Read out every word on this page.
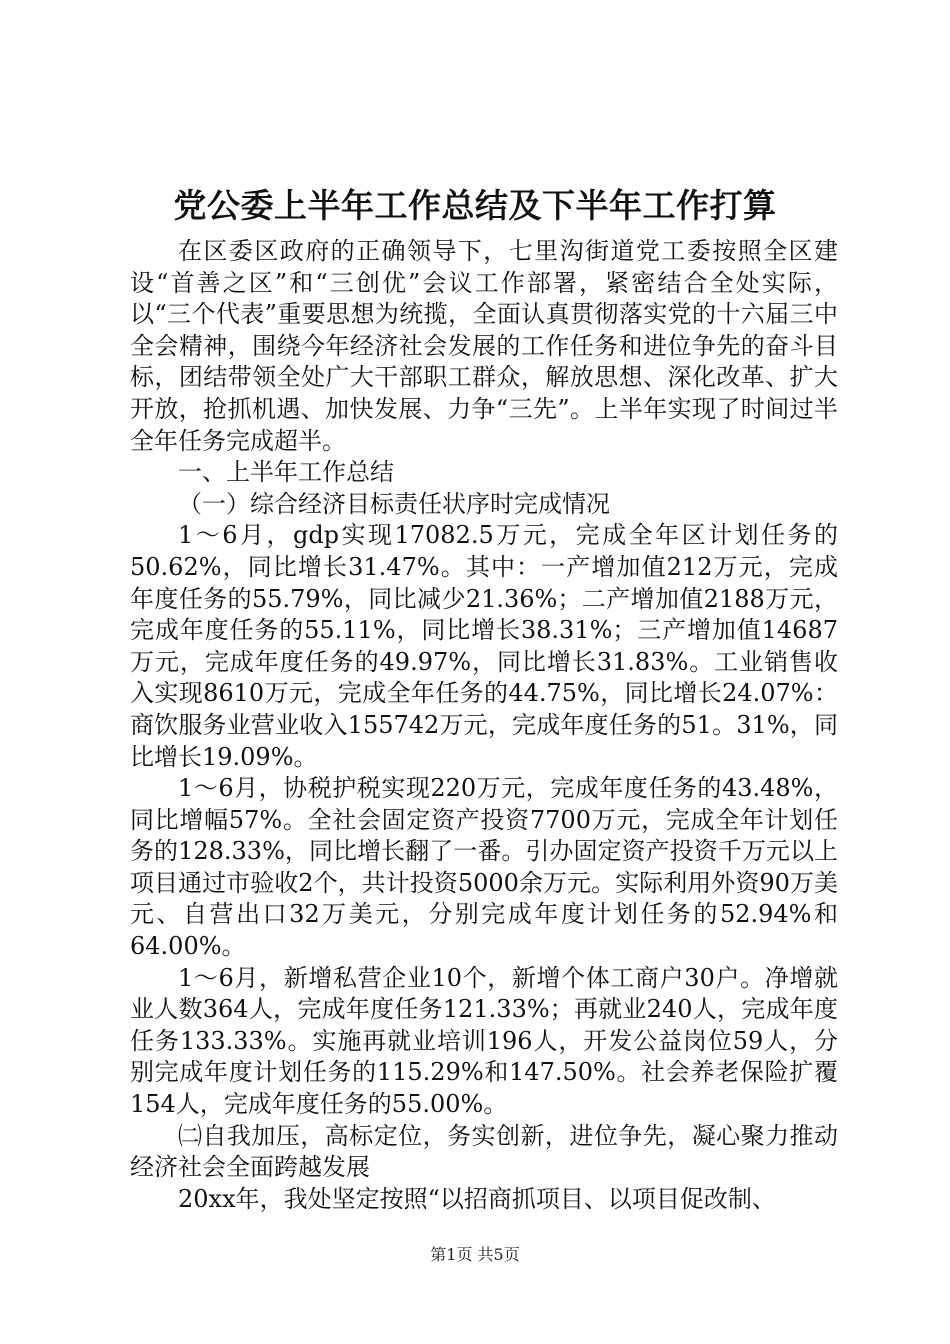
党公委上半年工作总结及下半年工作打算

在区委区政府的正确领导下，七里沟街道党工委按照全区建设“首善之区”和“三创优”会议工作部署，紧密结合全处实际，以“三个代表”重要思想为统揽，全面认真贯彻落实党的十六届三中全会精神，围绕今年经济社会发展的工作任务和进位争先的奋斗目标，团结带领全处广大干部职工群众，解放思想、深化改革、扩大开放，抢抓机遇、加快发展、力争“三先”。上半年实现了时间过半全年任务完成超半。

一、上半年工作总结

（一）综合经济目标责任状序时完成情况

1～6月，gdp实现17082.5万元，完成全年区计划任务的50.62%，同比增长31.47%。其中：一产增加值212万元，完成年度任务的55.79%，同比减少21.36%；二产增加值2188万元，完成年度任务的55.11%，同比增长38.31%；三产增加值14687万元，完成年度任务的49.97%，同比增长31.83%。工业销售收入实现8610万元，完成全年任务的44.75%，同比增长24.07%：商饮服务业营业收入155742万元，完成年度任务的51。31%，同比增长19.09%。

1～6月，协税护税实现220万元，完成年度任务的43.48%，同比增幅57%。全社会固定资产投资7700万元，完成全年计划任务的128.33%，同比增长翻了一番。引办固定资产投资千万元以上项目通过市验收2个，共计投资5000余万元。实际利用外资90万美元、自营出口32万美元，分别完成年度计划任务的52.94%和64.00%。

1～6月，新增私营企业10个，新增个体工商户30户。净增就业人数364人，完成年度任务121.33%；再就业240人，完成年度任务133.33%。实施再就业培训196人，开发公益岗位59人，分别完成年度计划任务的115.29%和147.50%。社会养老保险扩覆154人，完成年度任务的55.00%。

㈡自我加压，高标定位，务实创新，进位争先，凝心聚力推动经济社会全面跨越发展

20xx年，我处坚定按照“以招商抓项目、以项目促改制、

第1页 共5页
